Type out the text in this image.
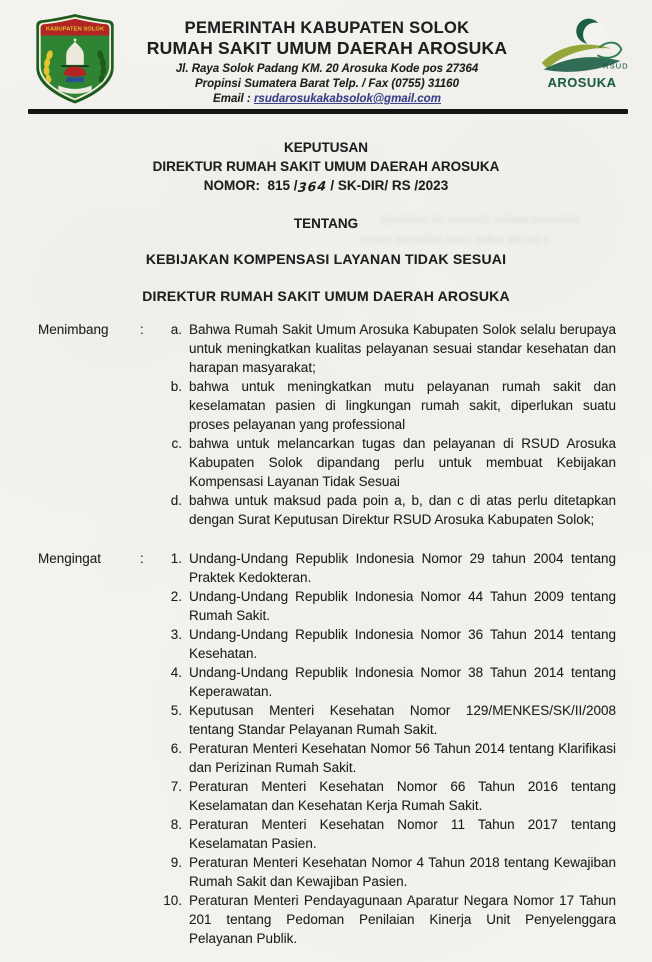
KABUPATEN SOLOK	PEMERINTAH KABUPATEN SOLOK
RUMAH SAKIT UMUM DAERAH AROSUKA
Jl. Raya Solok Padang KM. 20 Arosuka Kode pos 27364
Propinsi Sumatera Barat Telp. / Fax (0755) 31160
Email : rsudarosukakabsolok@gmail.com
RSUD
AROSUKA
ajuwbsn ke mwnrtv uelata nnvstwk
retew ewnotba oaei aebw wtrna s
KEPUTUSAN
DIREKTUR RUMAH SAKIT UMUM DAERAH AROSUKA
NOMOR:  815 /364 / SK-DIR/ RS /2023
TENTANG
KEBIJAKAN KOMPENSASI LAYANAN TIDAK SESUAI
DIREKTUR RUMAH SAKIT UMUM DAERAH AROSUKA
Menimbang	:	a. Bahwa Rumah Sakit Umum Arosuka Kabupaten Solok selalu berupaya untuk meningkatkan kualitas pelayanan sesuai standar kesehatan dan harapan masyarakat;
b. bahwa untuk meningkatkan mutu pelayanan rumah sakit dan keselamatan pasien di lingkungan rumah sakit, diperlukan suatu proses pelayanan yang professional
c. bahwa untuk melancarkan tugas dan pelayanan di RSUD Arosuka Kabupaten Solok dipandang perlu untuk membuat Kebijakan Kompensasi Layanan Tidak Sesuai
d. bahwa untuk maksud pada poin a, b, dan c di atas perlu ditetapkan dengan Surat Keputusan Direktur RSUD Arosuka Kabupaten Solok;
Mengingat	:	1. Undang-Undang Republik Indonesia Nomor 29 tahun 2004 tentang Praktek Kedokteran.
2. Undang-Undang Republik Indonesia Nomor 44 Tahun 2009 tentang Rumah Sakit.
3. Undang-Undang Republik Indonesia Nomor 36 Tahun 2014 tentang Kesehatan.
4. Undang-Undang Republik Indonesia Nomor 38 Tahun 2014 tentang Keperawatan.
5. Keputusan Menteri Kesehatan Nomor 129/MENKES/SK/II/2008 tentang Standar Pelayanan Rumah Sakit.
6. Peraturan Menteri Kesehatan Nomor 56 Tahun 2014 tentang Klarifikasi dan Perizinan Rumah Sakit.
7. Peraturan Menteri Kesehatan Nomor 66 Tahun 2016 tentang Keselamatan dan Kesehatan Kerja Rumah Sakit.
8. Peraturan Menteri Kesehatan Nomor 11 Tahun 2017 tentang Keselamatan Pasien.
9. Peraturan Menteri Kesehatan Nomor 4 Tahun 2018 tentang Kewajiban Rumah Sakit dan Kewajiban Pasien.
10. Peraturan Menteri Pendayagunaan Aparatur Negara Nomor 17 Tahun 201 tentang Pedoman Penilaian Kinerja Unit Penyelenggara Pelayanan Publik.
